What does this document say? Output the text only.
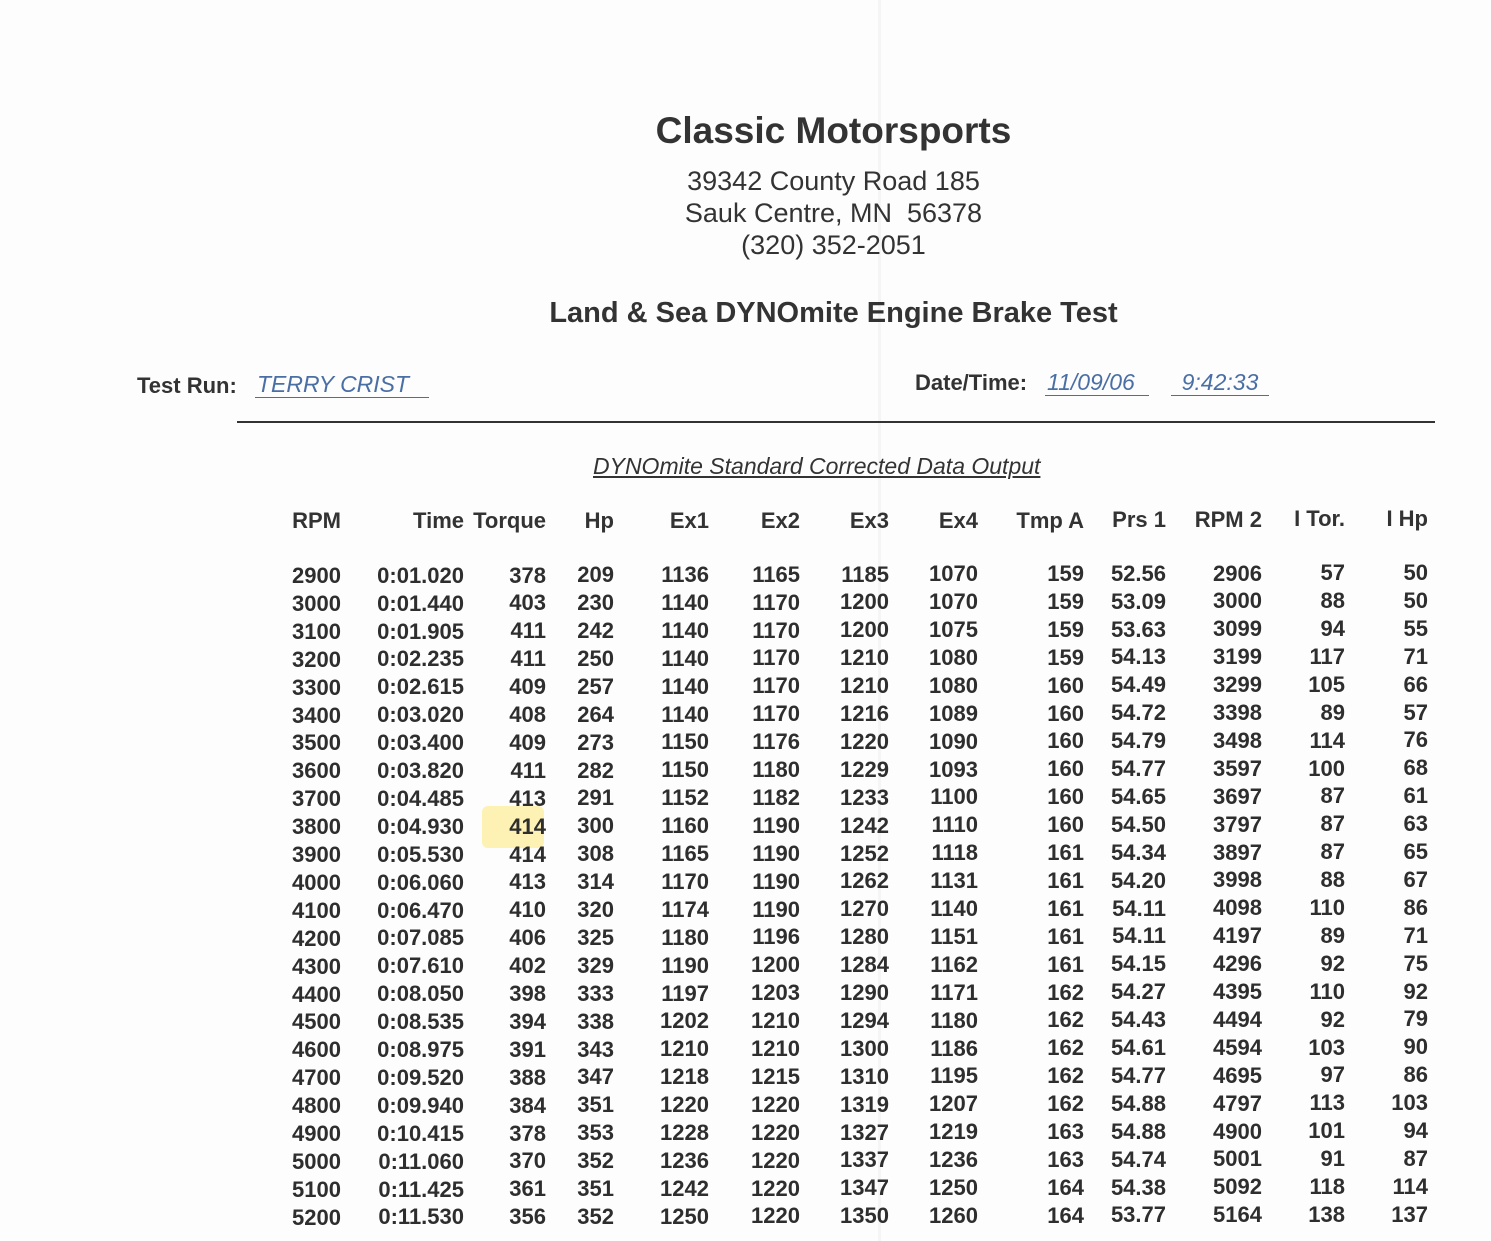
Classic Motorsports
39342 County Road 185
Sauk Centre, MN  56378
(320) 352-2051
Land & Sea DYNOmite Engine Brake Test
Test Run: TERRY CRIST	Date/Time: 11/09/06	9:42:33
DYNOmite Standard Corrected Data Output
RPM	Time Torque	Hp	Ex1	Ex2	Ex3	Ex4	Tmp A	Prs 1	RPM 2	I Tor.	I Hp
2900	0:01.020	378	209	1136	1165	1185	1070	159	52.56	2906	57	50
3000	0:01.440	403	230	1140	1170	1200	1070	159	53.09	3000	88	50
3100	0:01.905	411	242	1140	1170	1200	1075	159	53.63	3099	94	55
3200	0:02.235	411	250	1140	1170	1210	1080	159	54.13	3199	117	71
3300	0:02.615	409	257	1140	1170	1210	1080	160	54.49	3299	105	66
3400	0:03.020	408	264	1140	1170	1216	1089	160	54.72	3398	89	57
3500	0:03.400	409	273	1150	1176	1220	1090	160	54.79	3498	114	76
3600	0:03.820	411	282	1150	1180	1229	1093	160	54.77	3597	100	68
3700	0:04.485	413	291	1152	1182	1233	1100	160	54.65	3697	87	61
3800	0:04.930	414	300	1160	1190	1242	1110	160	54.50	3797	87	63
3900	0:05.530	414	308	1165	1190	1252	1118	161	54.34	3897	87	65
4000	0:06.060	413	314	1170	1190	1262	1131	161	54.20	3998	88	67
4100	0:06.470	410	320	1174	1190	1270	1140	161	54.11	4098	110	86
4200	0:07.085	406	325	1180	1196	1280	1151	161	54.11	4197	89	71
4300	0:07.610	402	329	1190	1200	1284	1162	161	54.15	4296	92	75
4400	0:08.050	398	333	1197	1203	1290	1171	162	54.27	4395	110	92
4500	0:08.535	394	338	1202	1210	1294	1180	162	54.43	4494	92	79
4600	0:08.975	391	343	1210	1210	1300	1186	162	54.61	4594	103	90
4700	0:09.520	388	347	1218	1215	1310	1195	162	54.77	4695	97	86
4800	0:09.940	384	351	1220	1220	1319	1207	162	54.88	4797	113	103
4900	0:10.415	378	353	1228	1220	1327	1219	163	54.88	4900	101	94
5000	0:11.060	370	352	1236	1220	1337	1236	163	54.74	5001	91	87
5100	0:11.425	361	351	1242	1220	1347	1250	164	54.38	5092	118	114
5200	0:11.530	356	352	1250	1220	1350	1260	164	53.77	5164	138	137
